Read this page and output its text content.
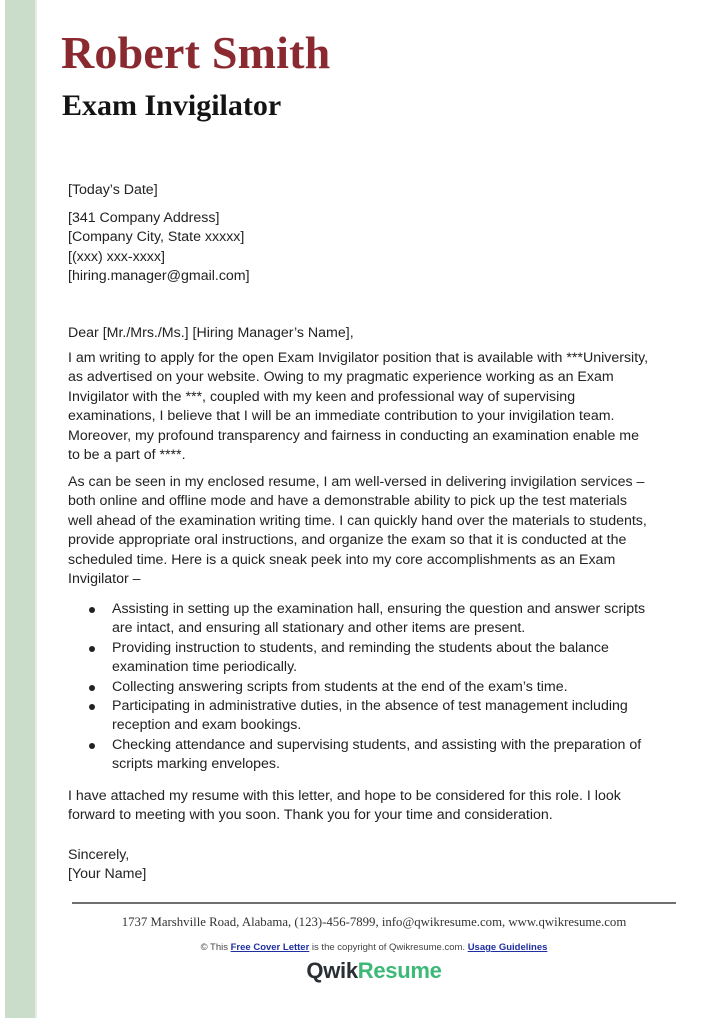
Robert Smith
Exam Invigilator
[Today’s Date]
[341 Company Address]
[Company City, State xxxxx]
[(xxx) xxx-xxxx]
[hiring.manager@gmail.com]
Dear [Mr./Mrs./Ms.] [Hiring Manager’s Name],
I am writing to apply for the open Exam Invigilator position that is available with ***University,
as advertised on your website. Owing to my pragmatic experience working as an Exam
Invigilator with the ***, coupled with my keen and professional way of supervising
examinations, I believe that I will be an immediate contribution to your invigilation team.
Moreover, my profound transparency and fairness in conducting an examination enable me
to be a part of ****.
As can be seen in my enclosed resume, I am well-versed in delivering invigilation services –
both online and offline mode and have a demonstrable ability to pick up the test materials
well ahead of the examination writing time. I can quickly hand over the materials to students,
provide appropriate oral instructions, and organize the exam so that it is conducted at the
scheduled time. Here is a quick sneak peek into my core accomplishments as an Exam
Invigilator –
Assisting in setting up the examination hall, ensuring the question and answer scripts
are intact, and ensuring all stationary and other items are present.
Providing instruction to students, and reminding the students about the balance
examination time periodically.
Collecting answering scripts from students at the end of the exam’s time.
Participating in administrative duties, in the absence of test management including
reception and exam bookings.
Checking attendance and supervising students, and assisting with the preparation of
scripts marking envelopes.
I have attached my resume with this letter, and hope to be considered for this role. I look
forward to meeting with you soon. Thank you for your time and consideration.
Sincerely,
[Your Name]
1737 Marshville Road, Alabama, (123)-456-7899, info@qwikresume.com, www.qwikresume.com
© This Free Cover Letter is the copyright of Qwikresume.com. Usage Guidelines
QwikResume
